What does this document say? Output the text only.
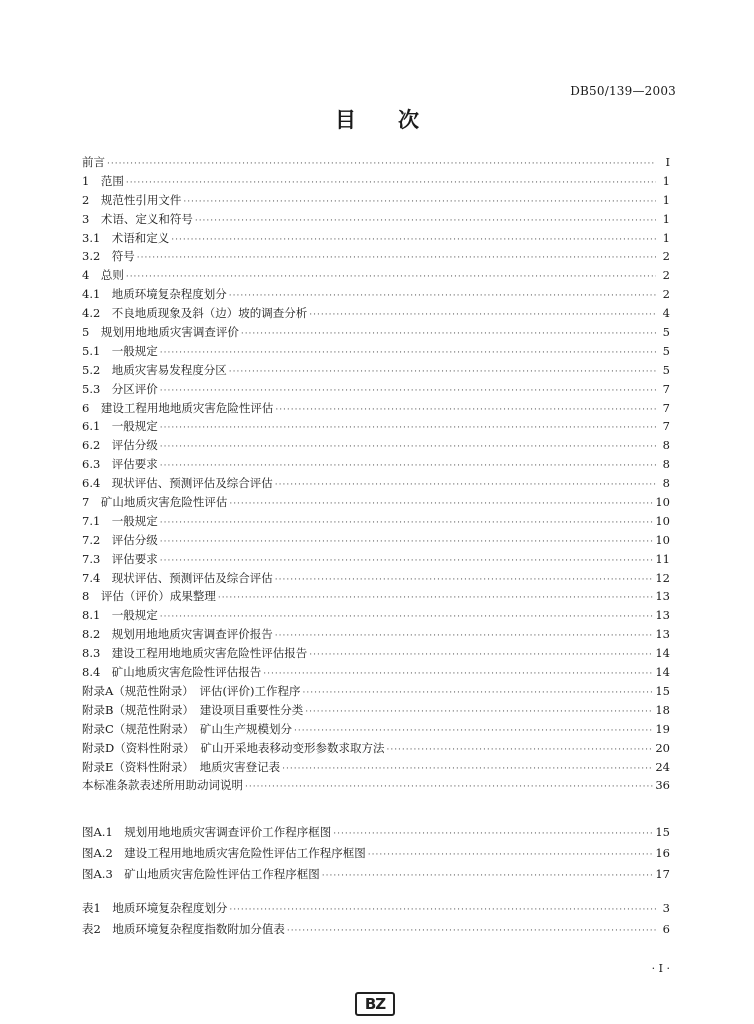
DB50/139—2003
目　　次
前言 ·····	I
1　范围 ·····	1
2　规范性引用文件 ·····	1
3　术语、定义和符号 ·····	1
3.1　术语和定义 ·····	1
3.2　符号 ·····	2
4　总则 ·····	2
4.1　地质环境复杂程度划分 ·····	2
4.2　不良地质现象及斜（边）坡的调查分析 ·····	4
5　规划用地地质灾害调查评价 ·····	5
5.1　一般规定 ·····	5
5.2　地质灾害易发程度分区 ·····	5
5.3　分区评价 ·····	7
6　建设工程用地地质灾害危险性评估 ·····	7
6.1　一般规定 ·····	7
6.2　评估分级 ·····	8
6.3　评估要求 ·····	8
6.4　现状评估、预测评估及综合评估 ·····	8
7　矿山地质灾害危险性评估 ·····	10
7.1　一般规定 ·····	10
7.2　评估分级 ·····	10
7.3　评估要求 ·····	11
7.4　现状评估、预测评估及综合评估 ·····	12
8　评估（评价）成果整理 ·····	13
8.1　一般规定 ·····	13
8.2　规划用地地质灾害调查评价报告 ·····	13
8.3　建设工程用地地质灾害危险性评估报告 ·····	14
8.4　矿山地质灾害危险性评估报告 ·····	14
附录A（规范性附录）　评估(评价)工作程序 ·····	15
附录B（规范性附录）　建设项目重要性分类 ·····	18
附录C（规范性附录）　矿山生产规模划分 ·····	19
附录D（资料性附录）　矿山开采地表移动变形参数求取方法 ·····	20
附录E（资料性附录）　地质灾害登记表 ·····	24
本标准条款表述所用助动词说明 ·····	36
图A.1　规划用地地质灾害调查评价工作程序框图 ·····	15
图A.2　建设工程用地地质灾害危险性评估工作程序框图 ·····	16
图A.3　矿山地质灾害危险性评估工作程序框图 ·····	17
表1　地质环境复杂程度划分 ·····	3
表2　地质环境复杂程度指数附加分值表 ·····	6
· I ·
BZ
